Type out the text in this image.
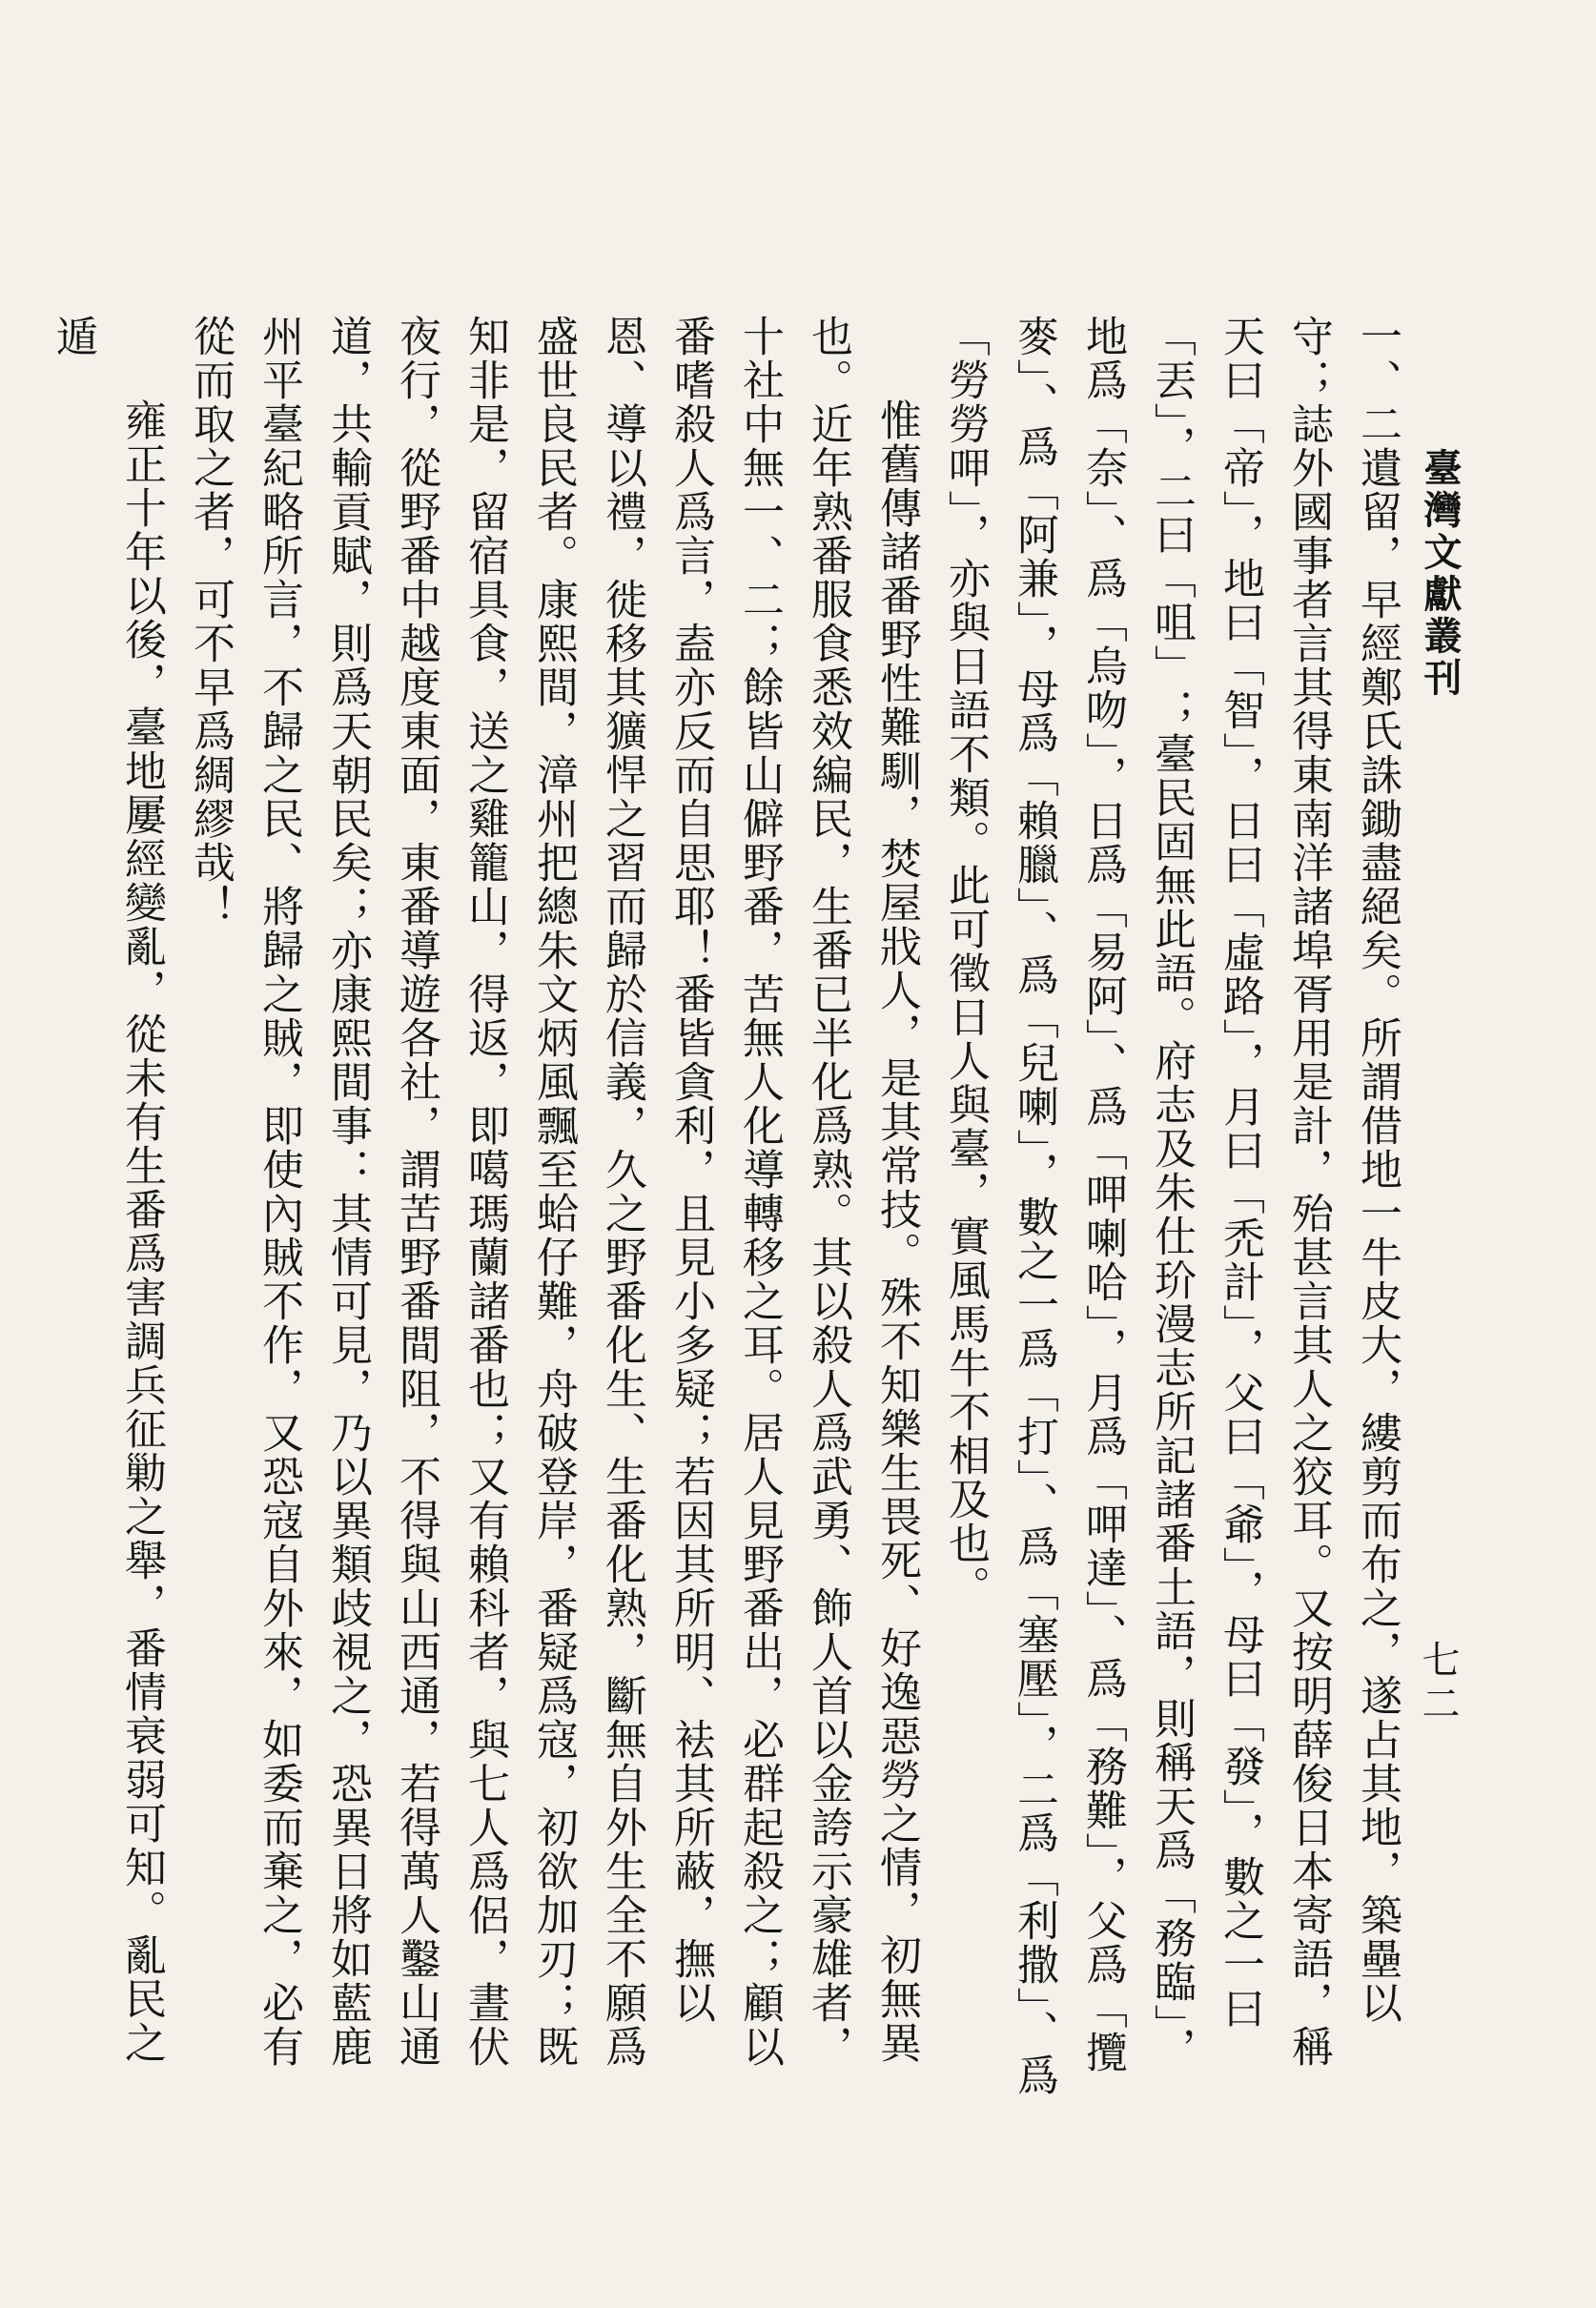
臺灣文獻叢刊
七二

一、二遺留，早經鄭氏誅鋤盡絕矣。所謂借地一牛皮大，縷剪而布之，遂占其地，築壘以守；誌外國事者言其得東南洋諸埠胥用是計，殆甚言其人之狡耳。又按明薛俊日本寄語，稱天曰「帝」，地曰「智」，日曰「虛路」，月曰「禿計」，父曰「爺」，母曰「發」，數之一曰「丟」，二曰「咀」；臺民固無此語。府志及朱仕玠漫志所記諸番土語，則稱天爲「務臨」，地爲「奈」、爲「烏吻」，日爲「易阿」、爲「呷喇哈」，月爲「呷達」、爲「務難」，父爲「攬麥」、爲「阿兼」，母爲「賴臘」、爲「兒喇」，數之一爲「打」、爲「塞壓」，二爲「利撒」、爲「勞勞呷」，亦與日語不類。此可徵日人與臺，實風馬牛不相及也。

惟舊傳諸番野性難馴，焚屋戕人，是其常技。殊不知樂生畏死、好逸惡勞之情，初無異也。近年熟番服食悉效編民，生番已半化爲熟。其以殺人爲武勇、飾人首以金誇示豪雄者，十社中無一、二；餘皆山僻野番，苦無人化導轉移之耳。居人見野番出，必群起殺之；顧以番嗜殺人爲言，盍亦反而自思耶！番皆貪利，且見小多疑；若因其所明、袪其所蔽，撫以恩、導以禮，徙移其獷悍之習而歸於信義，久之野番化生、生番化熟，斷無自外生全不願爲盛世良民者。康熙間，漳州把總朱文炳風飄至蛤仔難，舟破登岸，番疑爲寇，初欲加刃；既知非是，留宿具食，送之雞籠山，得返，即噶瑪蘭諸番也；又有賴科者，與七人爲侶，晝伏夜行，從野番中越度東面，東番導遊各社，謂苦野番間阻，不得與山西通，若得萬人鑿山通道，共輸貢賦，則爲天朝民矣；亦康熙間事：其情可見，乃以異類歧視之，恐異日將如藍鹿州平臺紀略所言，不歸之民、將歸之賊，即使內賊不作，又恐寇自外來，如委而棄之，必有從而取之者，可不早爲綢繆哉！

雍正十年以後，臺地屢經變亂，從未有生番爲害調兵征勦之舉，番情衰弱可知。亂民之遁
